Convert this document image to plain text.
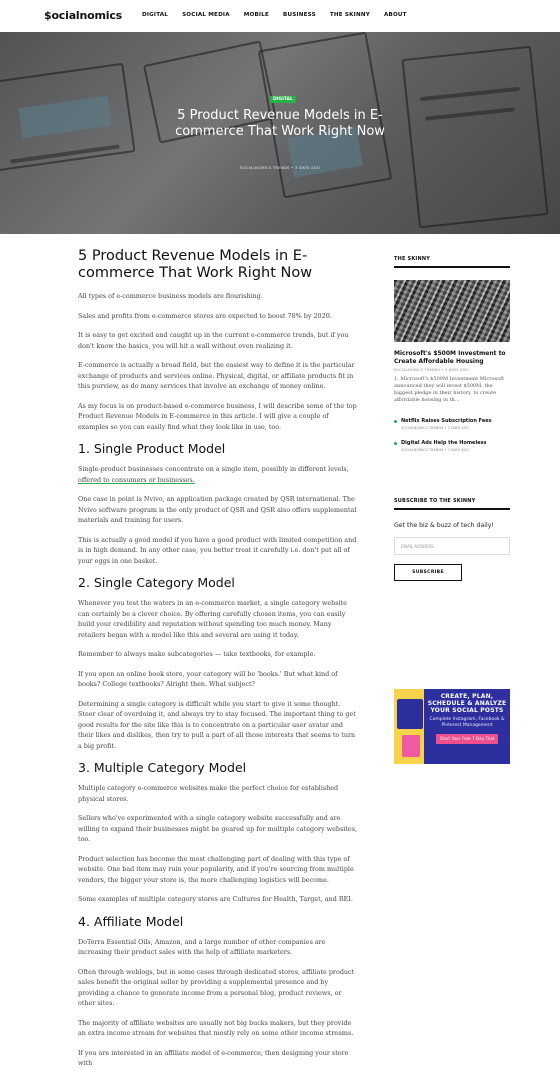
$ocialnomics	DIGITAL	SOCIAL MEDIA	MOBILE	BUSINESS	THE SKINNY	ABOUT
DIGITAL
5 Product Revenue Models in E-commerce That Work Right Now
SOCIALNOMICS TRENDS • 3 DAYS AGO
5 Product Revenue Models in E-commerce That Work Right Now

All types of e-commerce business models are flourishing.

Sales and profits from e-commerce stores are expected to boost 78% by 2020.

It is easy to get excited and caught up in the current e-commerce trends, but if you don't know the basics, you will hit a wall without even realizing it.

E-commerce is actually a broad field, but the easiest way to define it is the particular exchange of products and services online. Physical, digital, or affiliate products fit in this purview, as do many services that involve an exchange of money online.

As my focus is on product-based e-commerce business, I will describe some of the top Product Revenue Models in E-commerce in this article. I will give a couple of examples so you can easily find what they look like in use, too.

1. Single Product Model

Single-product businesses concentrate on a single item, possibly in different levels, offered to consumers or businesses.

One case in point is Nvivo, an application package created by QSR international. The Nvivo software program is the only product of QSR and QSR also offers supplemental materials and training for users.

This is actually a good model if you have a good product with limited competition and is in high demand. In any other case, you better treat it carefully i.e. don't put all of your eggs in one basket.

2. Single Category Model

Whenever you test the waters in an e-commerce market, a single category website can certainly be a clever choice. By offering carefully chosen items, you can easily build your credibility and reputation without spending too much money. Many retailers began with a model like this and several are using it today.

Remember to always make subcategories — take textbooks, for example.

If you open an online book store, your category will be 'books.' But what kind of books? College textbooks? Alright then. What subject?

Determining a single category is difficult while you start to give it some thought. Steer clear of overdoing it, and always try to stay focused. The important thing to get good results for the site like this is to concentrate on a particular user avatar and their likes and dislikes, then try to pull a part of all those interests that seems to turn a big profit.

3. Multiple Category Model

Multiple category e-commerce websites make the perfect choice for established physical stores.

Sellers who've experimented with a single category website successfully and are willing to expand their businesses might be geared up for multiple category websites, too.

Product selection has become the most challenging part of dealing with this type of website. One bad item may ruin your popularity, and if you're sourcing from multiple vendors, the bigger your store is, the more challenging logistics will become.

Some examples of multiple category stores are Cultures for Health, Target, and REI.

4. Affiliate Model

DoTerra Essential Oils, Amazon, and a large number of other companies are increasing their product sales with the help of affiliate marketers.

Often through weblogs, but in some cases through dedicated stores, affiliate product sales benefit the original seller by providing a supplemental presence and by providing a chance to generate income from a personal blog, product reviews, or other sites.

The majority of affiliate websites are usually not big bucks makers, but they provide an extra income stream for websites that mostly rely on some other income streams.

If you are interested in an affiliate model of e-commerce, then designing your store with

THE SKINNY
Microsoft's $500M Investment to Create Affordable Housing
SOCIALNOMICS TRENDS • 3 DAYS AGO
1. Microsoft's $500M Investment Microsoft announced they will invest $500M, the biggest pledge in their history, to create affordable housing in th...
Netflix Raises Subscription Fees
SOCIALNOMICS TRENDS • 3 DAYS AGO
Digital Ads Help the Homeless
SOCIALNOMICS TRENDS • 7 DAYS AGO
SUBSCRIBE TO THE SKINNY
Get the biz & buzz of tech daily!
EMAIL ADDRESS
SUBSCRIBE
CREATE, PLAN, SCHEDULE & ANALYZE YOUR SOCIAL POSTS
Complete Instagram, Facebook & Pinterest Management
Start Your Free 7 Day Trial
